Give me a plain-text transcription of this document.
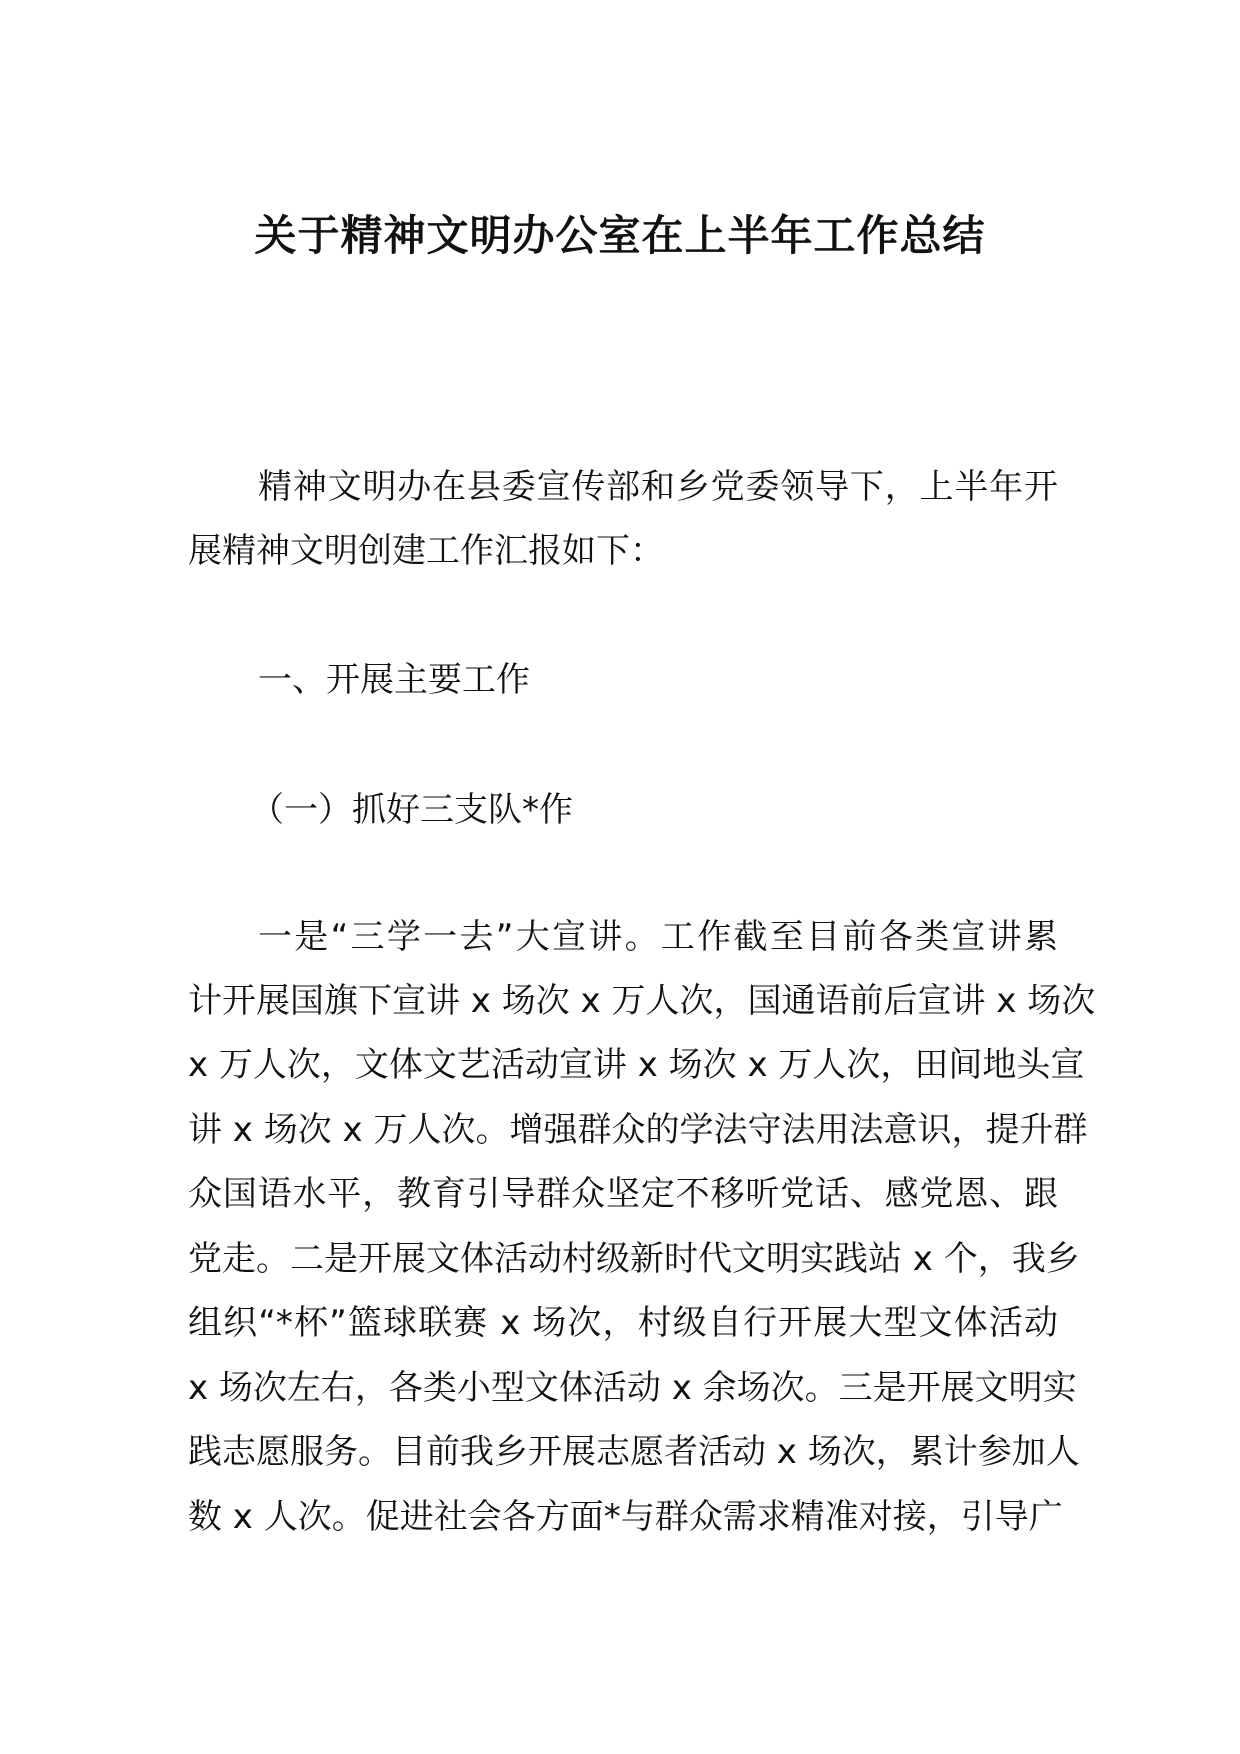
关于精神文明办公室在上半年工作总结
精神文明办在县委宣传部和乡党委领导下，上半年开
展精神文明创建工作汇报如下：
一、开展主要工作
（一）抓好三支队*作
一是“三学一去”大宣讲。工作截至目前各类宣讲累
计开展国旗下宣讲 x 场次 x 万人次，国通语前后宣讲 x 场次
x 万人次，文体文艺活动宣讲 x 场次 x 万人次，田间地头宣
讲 x 场次 x 万人次。增强群众的学法守法用法意识，提升群
众国语水平，教育引导群众坚定不移听党话、感党恩、跟
党走。二是开展文体活动村级新时代文明实践站 x 个，我乡
组织“*杯”篮球联赛 x 场次，村级自行开展大型文体活动
x 场次左右，各类小型文体活动 x 余场次。三是开展文明实
践志愿服务。目前我乡开展志愿者活动 x 场次，累计参加人
数 x 人次。促进社会各方面*与群众需求精准对接，引导广
